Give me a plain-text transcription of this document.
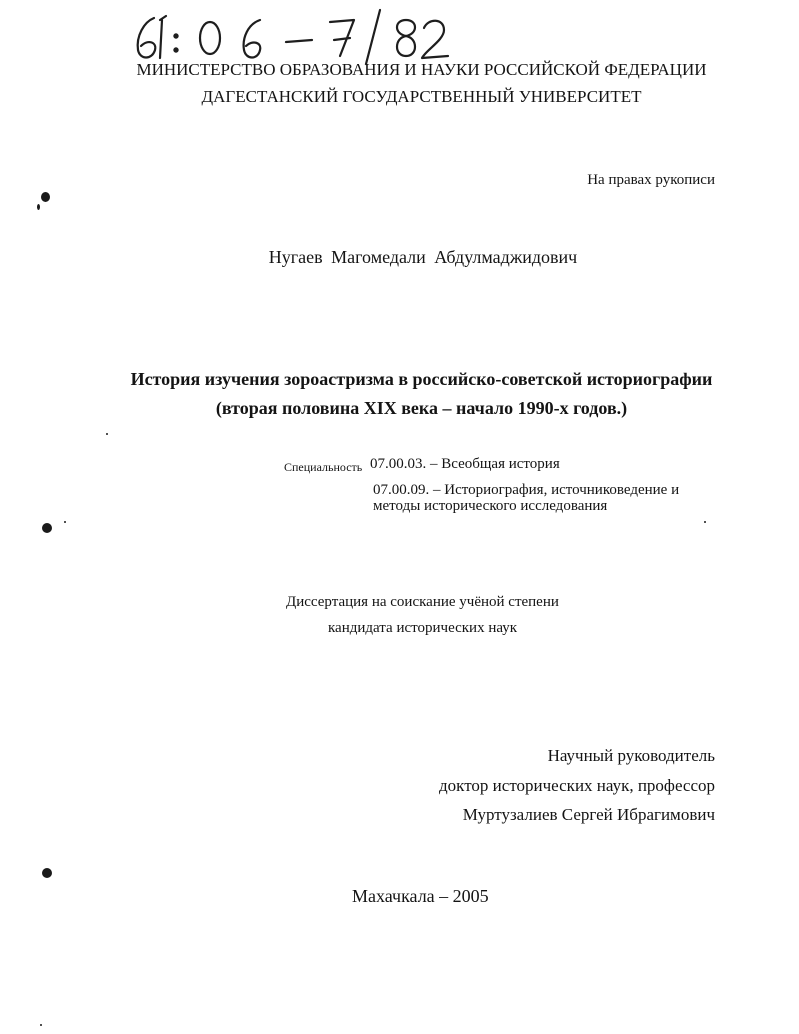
МИНИСТЕРСТВО ОБРАЗОВАНИЯ И НАУКИ РОССИЙСКОЙ ФЕДЕРАЦИИ
ДАГЕСТАНСКИЙ ГОСУДАРСТВЕННЫЙ УНИВЕРСИТЕТ
На правах рукописи
Нугаев Магомедали Абдулмаджидович
История изучения зороастризма в российско-советской историографии
(вторая половина XIX века – начало 1990-х годов.)
Специальность 07.00.03. – Всеобщая история
07.00.09. – Историография, источниковедение и
методы исторического исследования
Диссертация на соискание учёной степени
кандидата исторических наук
Научный руководитель
доктор исторических наук, профессор
Муртузалиев Сергей Ибрагимович
Махачкала – 2005
